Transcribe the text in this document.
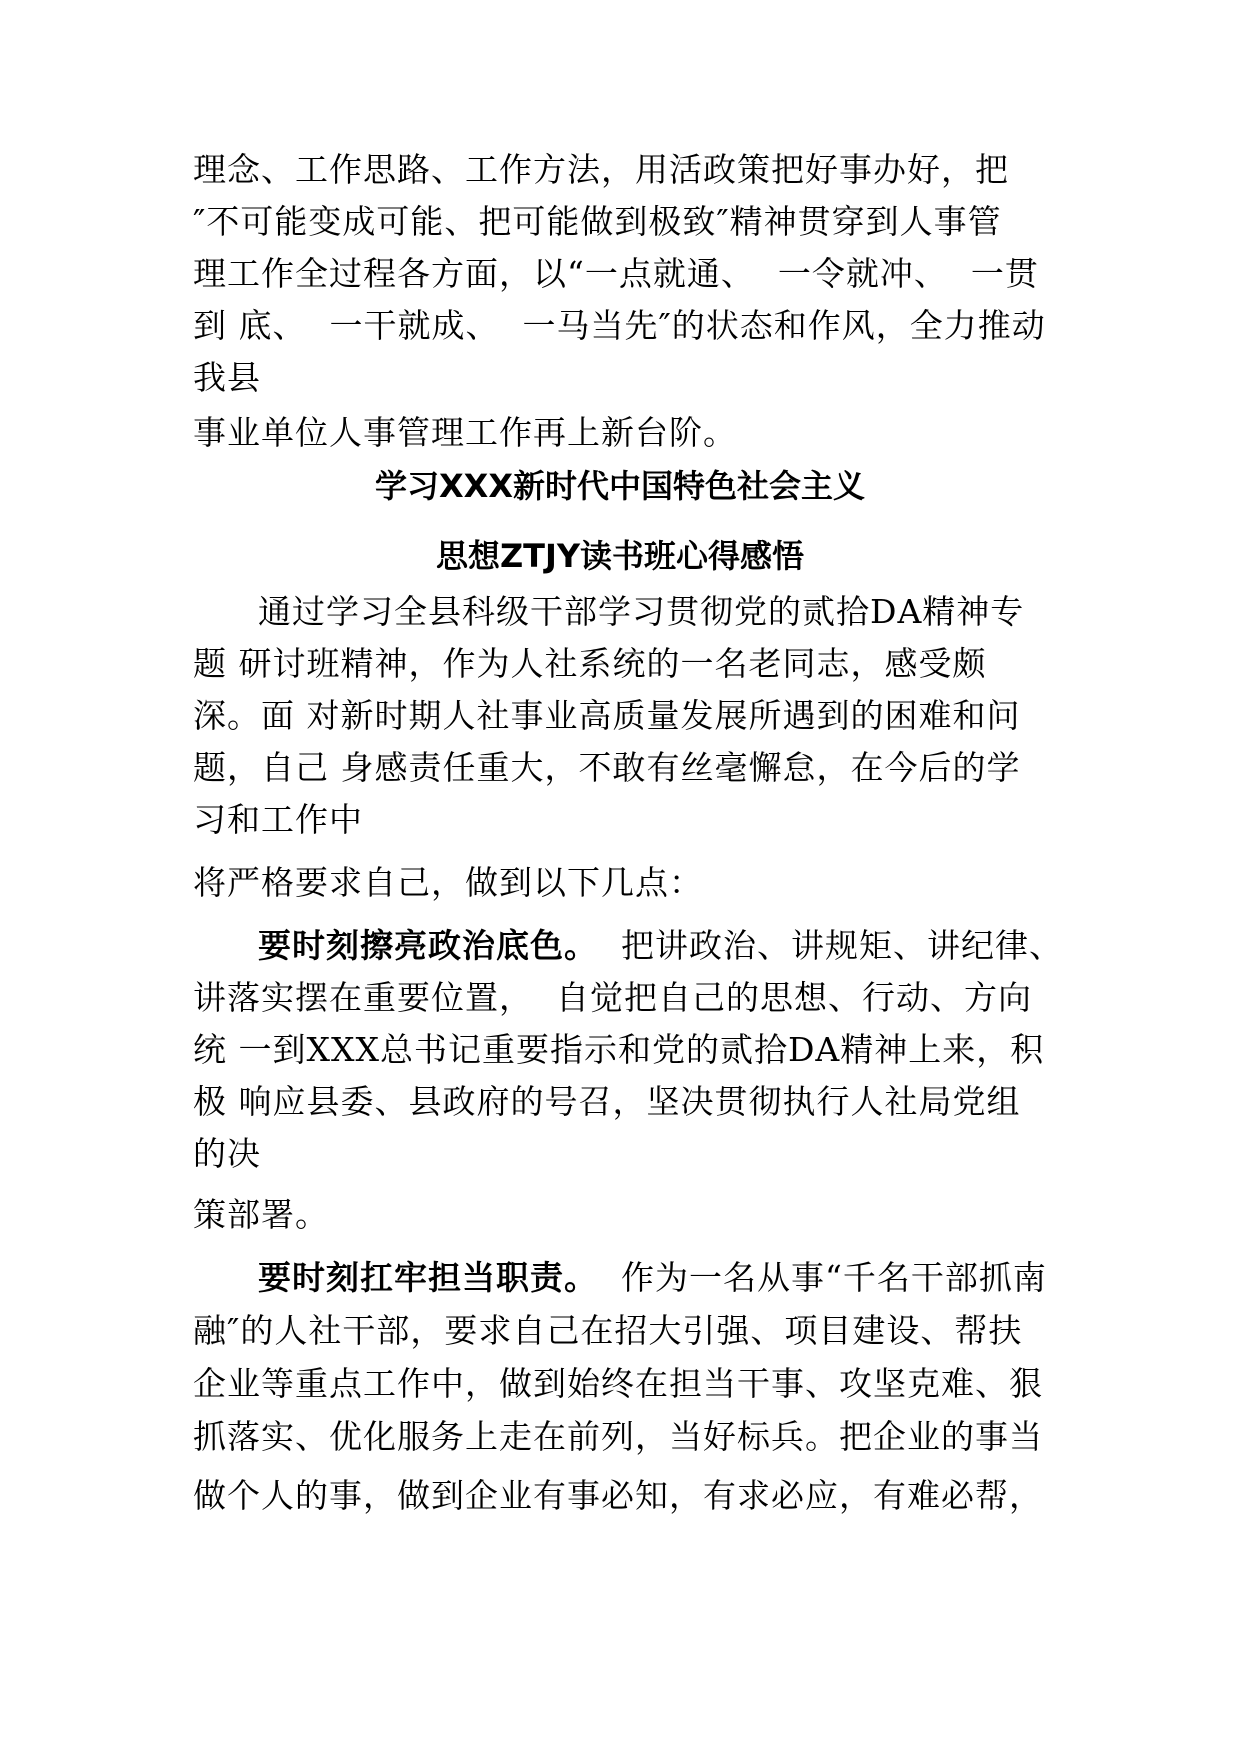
理念、工作思路、工作方法，用活政策把好事办好，把
″不可能变成可能、把可能做到极致″精神贯穿到人事管
理工作全过程各方面，以“一点就通、  一令就冲、  一贯
到 底、  一干就成、  一马当先″的状态和作风，全力推动
我县
事业单位人事管理工作再上新台阶。
学习XXX新时代中国特色社会主义
思想ZTJY读书班心得感悟
通过学习全县科级干部学习贯彻党的贰拾DA精神专
题 研讨班精神，作为人社系统的一名老同志，感受颇
深。面 对新时期人社事业高质量发展所遇到的困难和问
题，自己 身感责任重大，不敢有丝毫懈怠，在今后的学
习和工作中
将严格要求自己，做到以下几点：
要时刻擦亮政治底色。  把讲政治、讲规矩、讲纪律、
讲落实摆在重要位置，  自觉把自己的思想、行动、方向
统 一到XXX总书记重要指示和党的贰拾DA精神上来，积
极 响应县委、县政府的号召，坚决贯彻执行人社局党组
的决
策部署。
要时刻扛牢担当职责。  作为一名从事“千名干部抓南
融″的人社干部，要求自己在招大引强、项目建设、帮扶
企业等重点工作中，做到始终在担当干事、攻坚克难、狠
抓落实、优化服务上走在前列，当好标兵。把企业的事当
做个人的事，做到企业有事必知，有求必应，有难必帮，
